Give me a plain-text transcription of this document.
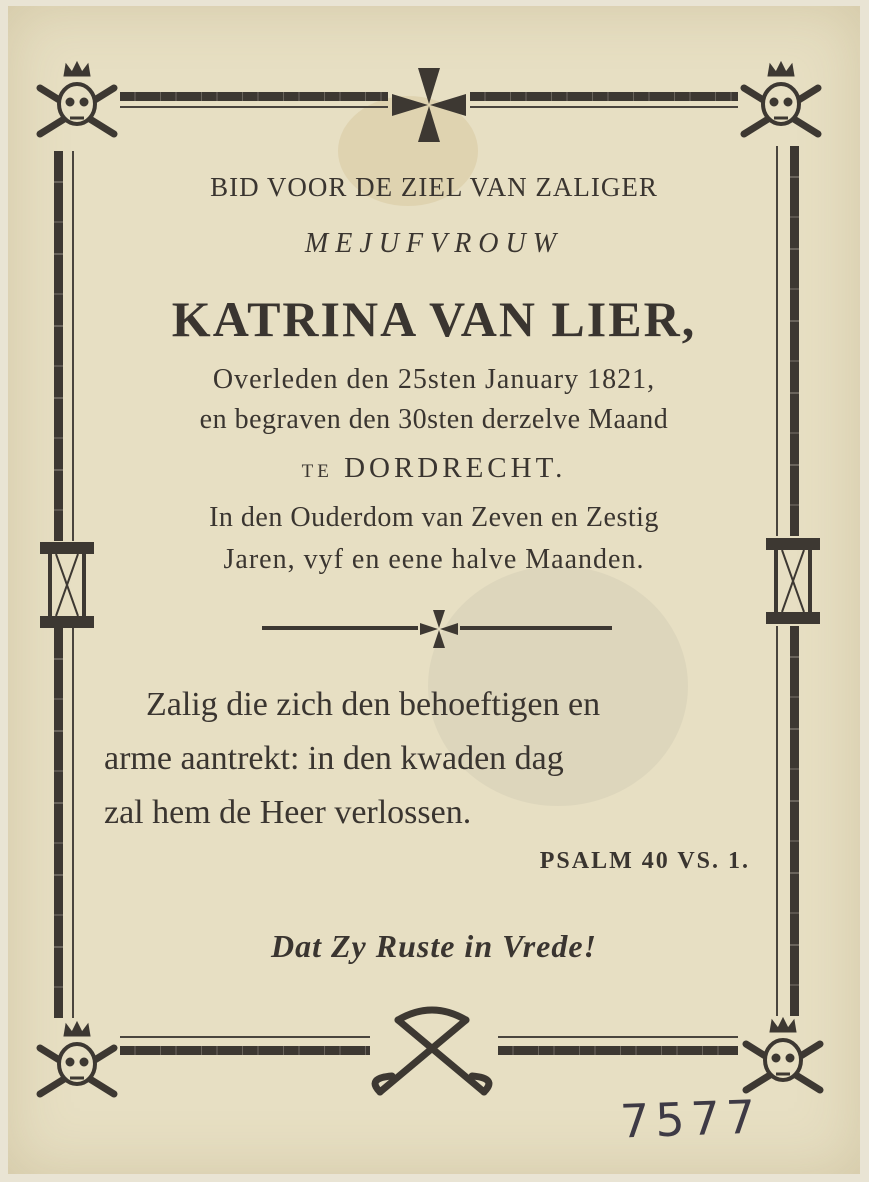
BID VOOR DE ZIEL VAN ZALIGER
MEJUFVROUW
KATRINA VAN LIER,
Overleden den 25sten January 1821,
en begraven den 30sten derzelve Maand
TE DORDRECHT.
In den Ouderdom van Zeven en Zestig
Jaren, vyf en eene halve Maanden.
Zalig die zich den behoeftigen en
arme aantrekt: in den kwaden dag
zal hem de Heer verlossen.
PSALM 40 VS. 1.
Dat Zy Ruste in Vrede!
7577
